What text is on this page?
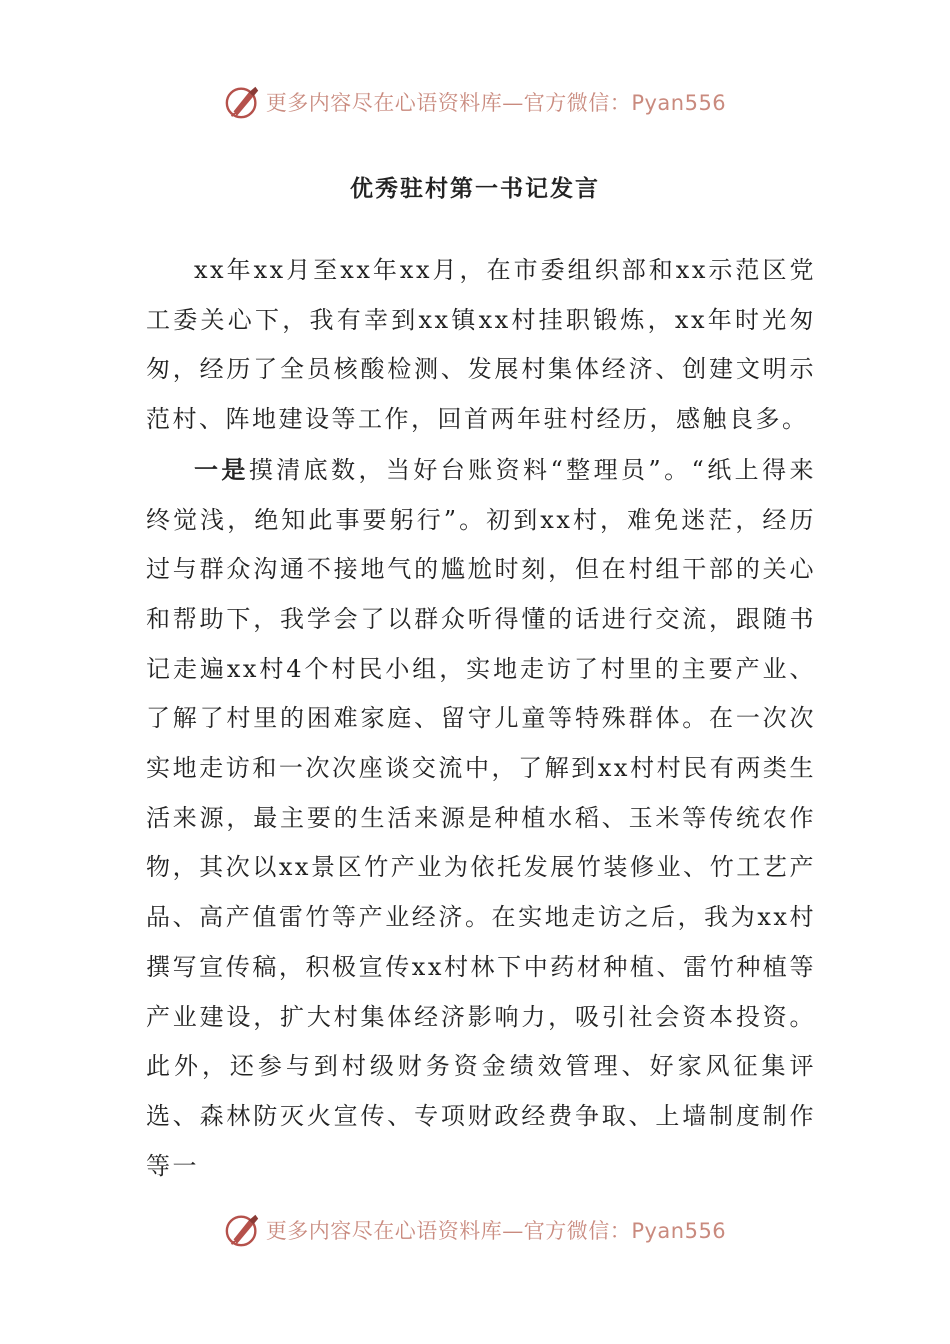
更多内容尽在心语资料库—官方微信：Pyan556
优秀驻村第一书记发言

xx年xx月至xx年xx月，在市委组织部和xx示范区党工委关心下，我有幸到xx镇xx村挂职锻炼，xx年时光匆匆，经历了全员核酸检测、发展村集体经济、创建文明示范村、阵地建设等工作，回首两年驻村经历，感触良多。

一是摸清底数，当好台账资料“整理员”。“纸上得来终觉浅，绝知此事要躬行”。初到xx村，难免迷茫，经历过与群众沟通不接地气的尴尬时刻，但在村组干部的关心和帮助下，我学会了以群众听得懂的话进行交流，跟随书记走遍xx村4个村民小组，实地走访了村里的主要产业、了解了村里的困难家庭、留守儿童等特殊群体。在一次次实地走访和一次次座谈交流中，了解到xx村村民有两类生活来源，最主要的生活来源是种植水稻、玉米等传统农作物，其次以xx景区竹产业为依托发展竹装修业、竹工艺产品、高产值雷竹等产业经济。在实地走访之后，我为xx村撰写宣传稿，积极宣传xx村林下中药材种植、雷竹种植等产业建设，扩大村集体经济影响力，吸引社会资本投资。此外，还参与到村级财务资金绩效管理、好家风征集评选、森林防灭火宣传、专项财政经费争取、上墙制度制作等一

更多内容尽在心语资料库—官方微信：Pyan556
